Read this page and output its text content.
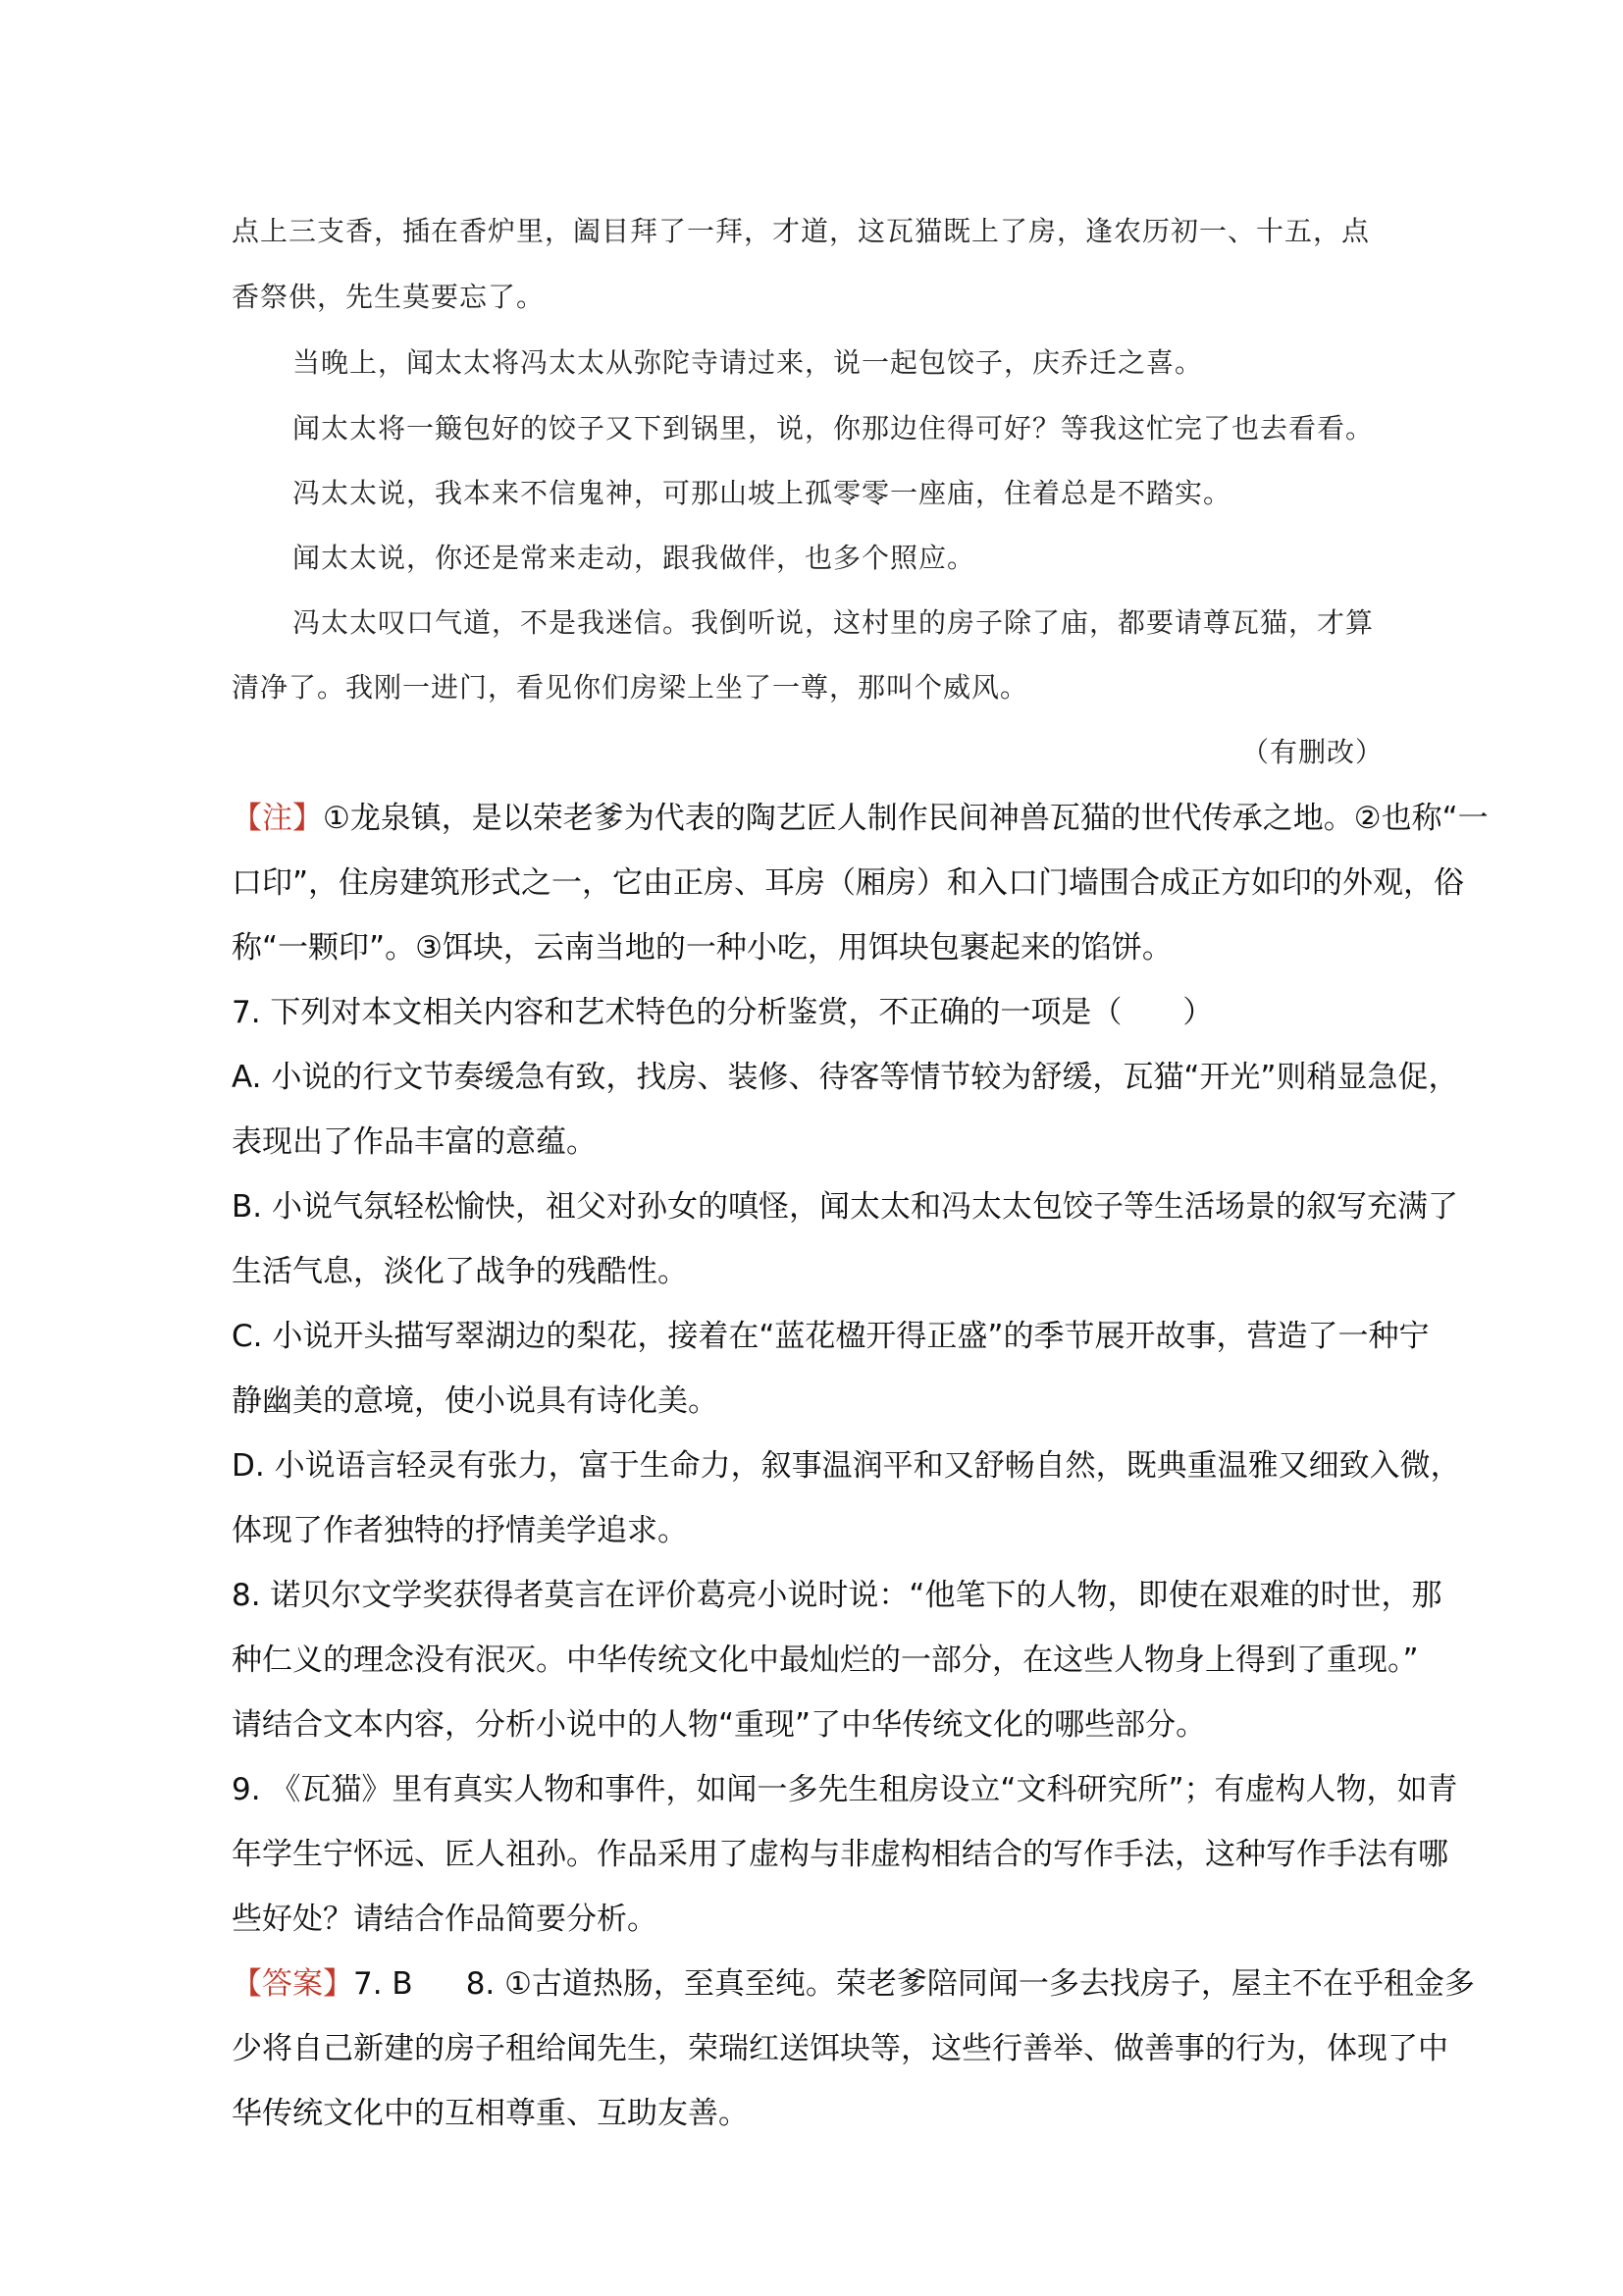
点上三支香，插在香炉里，阖目拜了一拜，才道，这瓦猫既上了房，逢农历初一、十五，点
香祭供，先生莫要忘了。
当晚上，闻太太将冯太太从弥陀寺请过来，说一起包饺子，庆乔迁之喜。
闻太太将一簸包好的饺子又下到锅里，说，你那边住得可好？等我这忙完了也去看看。
冯太太说，我本来不信鬼神，可那山坡上孤零零一座庙，住着总是不踏实。
闻太太说，你还是常来走动，跟我做伴，也多个照应。
冯太太叹口气道，不是我迷信。我倒听说，这村里的房子除了庙，都要请尊瓦猫，才算
清净了。我刚一进门，看见你们房梁上坐了一尊，那叫个威风。
（有删改）
【注】①龙泉镇，是以荣老爹为代表的陶艺匠人制作民间神兽瓦猫的世代传承之地。②也称“一
口印”，住房建筑形式之一，它由正房、耳房（厢房）和入口门墙围合成正方如印的外观，俗
称“一颗印”。③饵块，云南当地的一种小吃，用饵块包裹起来的馅饼。
7. 下列对本文相关内容和艺术特色的分析鉴赏，不正确的一项是（　　）
A. 小说的行文节奏缓急有致，找房、装修、待客等情节较为舒缓，瓦猫“开光”则稍显急促，
表现出了作品丰富的意蕴。
B. 小说气氛轻松愉快，祖父对孙女的嗔怪，闻太太和冯太太包饺子等生活场景的叙写充满了
生活气息，淡化了战争的残酷性。
C. 小说开头描写翠湖边的梨花，接着在“蓝花楹开得正盛”的季节展开故事，营造了一种宁
静幽美的意境，使小说具有诗化美。
D. 小说语言轻灵有张力，富于生命力，叙事温润平和又舒畅自然，既典重温雅又细致入微，
体现了作者独特的抒情美学追求。
8. 诺贝尔文学奖获得者莫言在评价葛亮小说时说：“他笔下的人物，即使在艰难的时世，那
种仁义的理念没有泯灭。中华传统文化中最灿烂的一部分，在这些人物身上得到了重现。”
请结合文本内容，分析小说中的人物“重现”了中华传统文化的哪些部分。
9. 《瓦猫》里有真实人物和事件，如闻一多先生租房设立“文科研究所”；有虚构人物，如青
年学生宁怀远、匠人祖孙。作品采用了虚构与非虚构相结合的写作手法，这种写作手法有哪
些好处？请结合作品简要分析。
【答案】7. B 8. ①古道热肠，至真至纯。荣老爹陪同闻一多去找房子，屋主不在乎租金多
少将自己新建的房子租给闻先生，荣瑞红送饵块等，这些行善举、做善事的行为，体现了中
华传统文化中的互相尊重、互助友善。
